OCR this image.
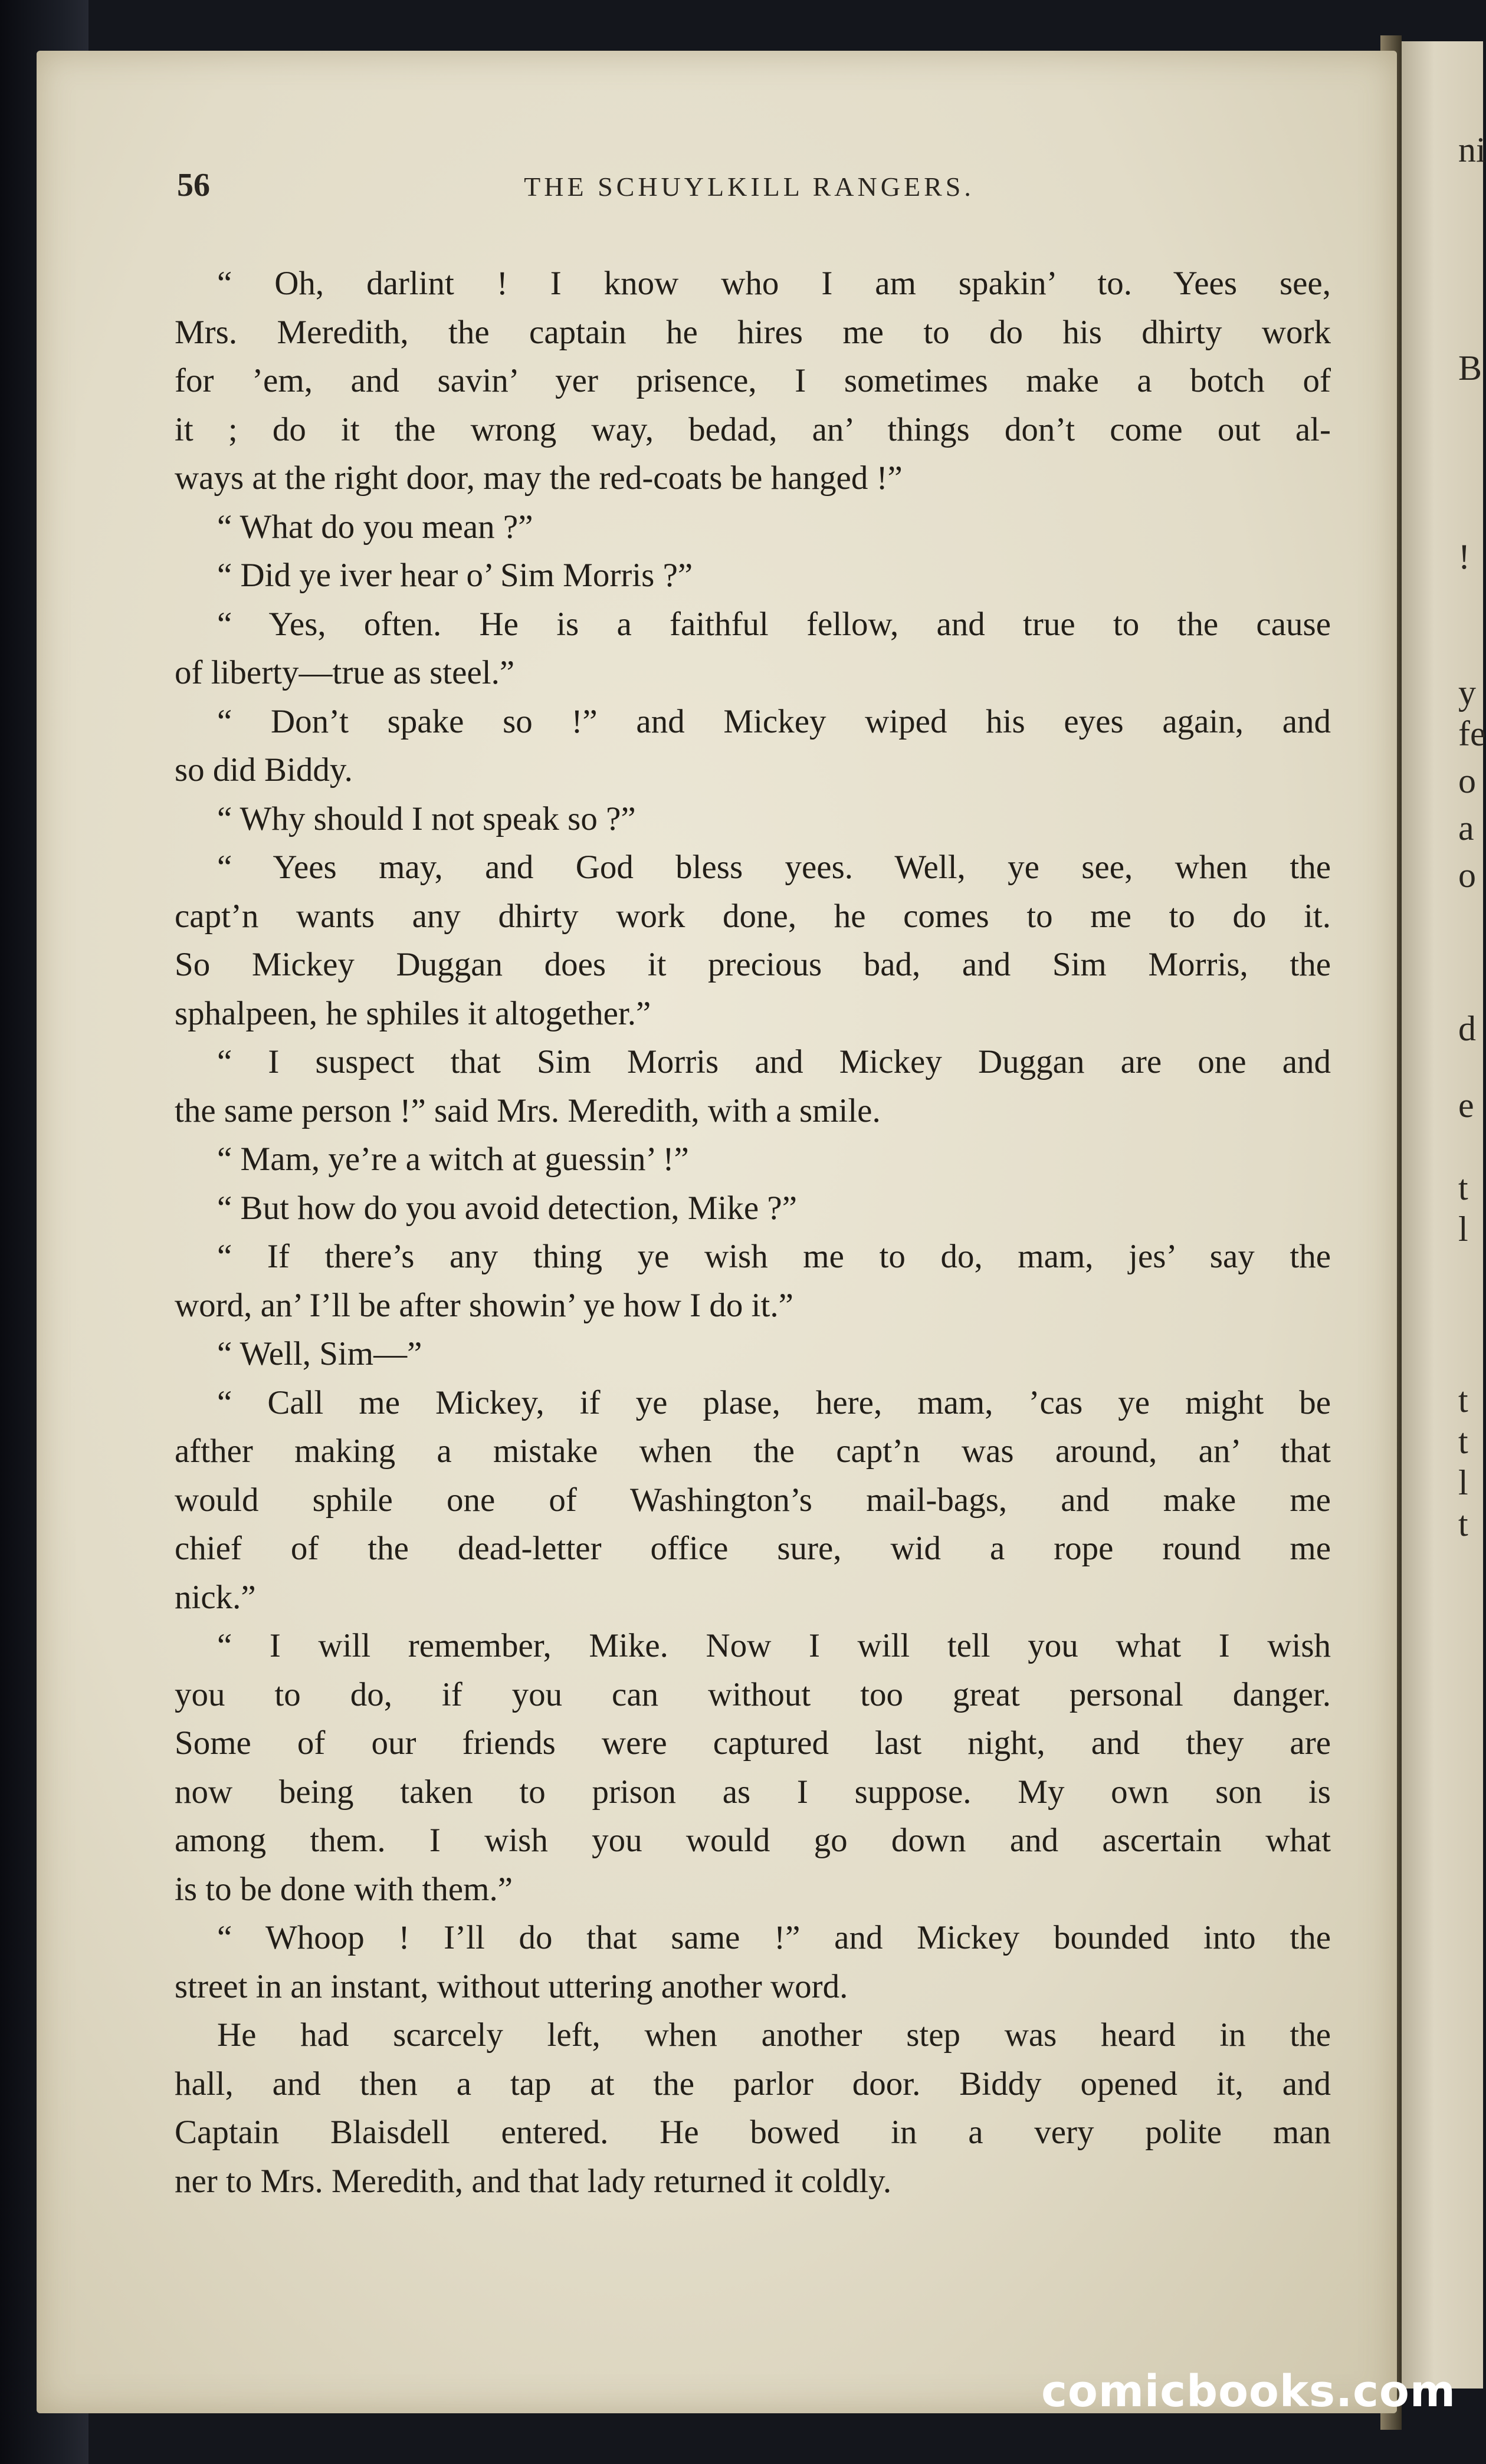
ni
B
!
y
fe
o
a
o
d
e
t
l
t
t
l
t
56	THE SCHUYLKILL RANGERS.
“ Oh, darlint ! I know who I am spakin’ to. Yees see,
Mrs. Meredith, the captain he hires me to do his dhirty work
for ’em, and savin’ yer prisence, I sometimes make a botch of
it ; do it the wrong way, bedad, an’ things don’t come out al-
ways at the right door, may the red-coats be hanged !”
“ What do you mean ?”
“ Did ye iver hear o’ Sim Morris ?”
“ Yes, often. He is a faithful fellow, and true to the cause
of liberty—true as steel.”
“ Don’t spake so !” and Mickey wiped his eyes again, and
so did Biddy.
“ Why should I not speak so ?”
“ Yees may, and God bless yees. Well, ye see, when the
capt’n wants any dhirty work done, he comes to me to do it.
So Mickey Duggan does it precious bad, and Sim Morris, the
sphalpeen, he sphiles it altogether.”
“ I suspect that Sim Morris and Mickey Duggan are one and
the same person !” said Mrs. Meredith, with a smile.
“ Mam, ye’re a witch at guessin’ !”
“ But how do you avoid detection, Mike ?”
“ If there’s any thing ye wish me to do, mam, jes’ say the
word, an’ I’ll be after showin’ ye how I do it.”
“ Well, Sim—”
“ Call me Mickey, if ye plase, here, mam, ’cas ye might be
afther making a mistake when the capt’n was around, an’ that
would sphile one of Washington’s mail-bags, and make me
chief of the dead-letter office sure, wid a rope round me
nick.”
“ I will remember, Mike. Now I will tell you what I wish
you to do, if you can without too great personal danger.
Some of our friends were captured last night, and they are
now being taken to prison as I suppose. My own son is
among them. I wish you would go down and ascertain what
is to be done with them.”
“ Whoop ! I’ll do that same !” and Mickey bounded into the
street in an instant, without uttering another word.
He had scarcely left, when another step was heard in the
hall, and then a tap at the parlor door. Biddy opened it, and
Captain Blaisdell entered. He bowed in a very polite man
ner to Mrs. Meredith, and that lady returned it coldly.
comicbooks.com
